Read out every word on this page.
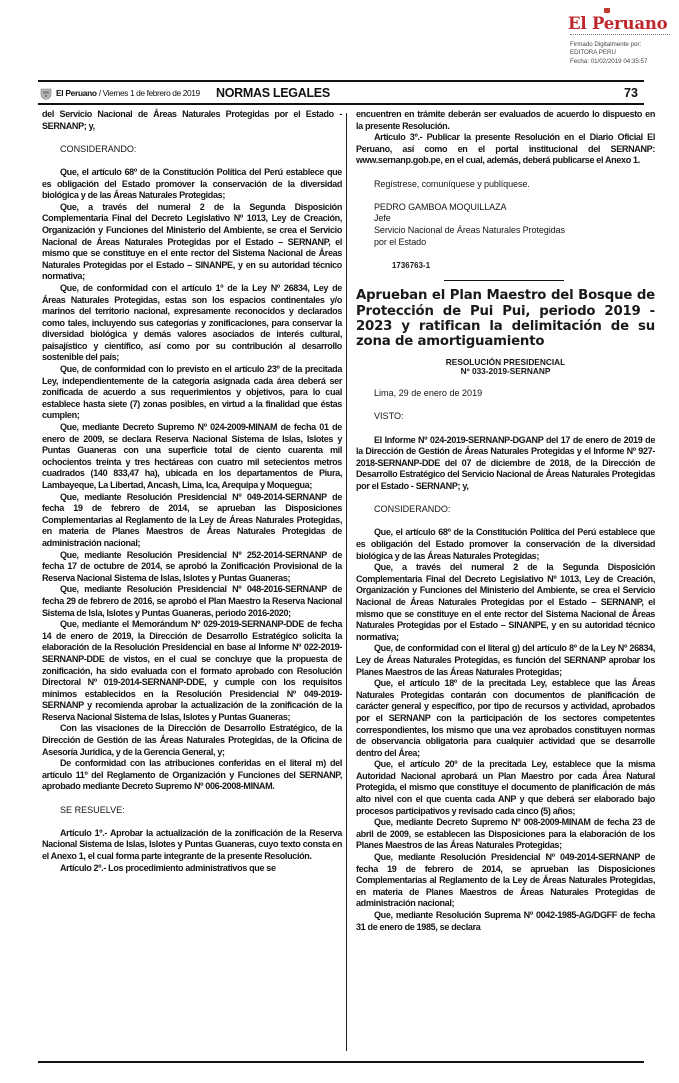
El Peruano
Firmado Digitalmente por:
EDITORA PERU
Fecha: 01/02/2019 04:35:57
El Peruano / Viernes 1 de febrero de 2019 NORMAS LEGALES	73

del Servicio Nacional de Áreas Naturales Protegidas por el Estado - SERNANP; y,

CONSIDERANDO:

Que, el artículo 68º de la Constitución Política del Perú establece que es obligación del Estado promover la conservación de la diversidad biológica y de las Áreas Naturales Protegidas;

Que, a través del numeral 2 de la Segunda Disposición Complementaria Final del Decreto Legislativo Nº 1013, Ley de Creación, Organización y Funciones del Ministerio del Ambiente, se crea el Servicio Nacional de Áreas Naturales Protegidas por el Estado – SERNANP, el mismo que se constituye en el ente rector del Sistema Nacional de Áreas Naturales Protegidas por el Estado – SINANPE, y en su autoridad técnico normativa;

Que, de conformidad con el artículo 1º de la Ley Nº 26834, Ley de Áreas Naturales Protegidas, estas son los espacios continentales y/o marinos del territorio nacional, expresamente reconocidos y declarados como tales, incluyendo sus categorías y zonificaciones, para conservar la diversidad biológica y demás valores asociados de interés cultural, paisajístico y científico, así como por su contribución al desarrollo sostenible del país;

Que, de conformidad con lo previsto en el artículo 23º de la precitada Ley, independientemente de la categoría asignada cada área deberá ser zonificada de acuerdo a sus requerimientos y objetivos, para lo cual establece hasta siete (7) zonas posibles, en virtud a la finalidad que éstas cumplen;

Que, mediante Decreto Supremo Nº 024-2009-MINAM de fecha 01 de enero de 2009, se declara Reserva Nacional Sistema de Islas, Islotes y Puntas Guaneras con una superficie total de ciento cuarenta mil ochocientos treinta y tres hectáreas con cuatro mil setecientos metros cuadrados (140 833,47 ha), ubicada en los departamentos de Piura, Lambayeque, La Libertad, Ancash, Lima, Ica, Arequipa y Moquegua;

Que, mediante Resolución Presidencial Nº 049-2014-SERNANP de fecha 19 de febrero de 2014, se aprueban las Disposiciones Complementarias al Reglamento de la Ley de Áreas Naturales Protegidas, en materia de Planes Maestros de Áreas Naturales Protegidas de administración nacional;

Que, mediante Resolución Presidencial Nº 252-2014-SERNANP de fecha 17 de octubre de 2014, se aprobó la Zonificación Provisional de la Reserva Nacional Sistema de Islas, Islotes y Puntas Guaneras;

Que, mediante Resolución Presidencial Nº 048-2016-SERNANP de fecha 29 de febrero de 2016, se aprobó el Plan Maestro la Reserva Nacional Sistema de Isla, Islotes y Puntas Guaneras, periodo 2016-2020;

Que, mediante el Memorándum Nº 029-2019-SERNANP-DDE de fecha 14 de enero de 2019, la Dirección de Desarrollo Estratégico solicita la elaboración de la Resolución Presidencial en base al Informe Nº 022-2019-SERNANP-DDE de vistos, en el cual se concluye que la propuesta de zonificación, ha sido evaluada con el formato aprobado con Resolución Directoral Nº 019-2014-SERNANP-DDE, y cumple con los requisitos mínimos establecidos en la Resolución Presidencial Nº 049-2019-SERNANP y recomienda aprobar la actualización de la zonificación de la Reserva Nacional Sistema de Islas, Islotes y Puntas Guaneras;

Con las visaciones de la Dirección de Desarrollo Estratégico, de la Dirección de Gestión de las Áreas Naturales Protegidas, de la Oficina de Asesoría Jurídica, y de la Gerencia General, y;

De conformidad con las atribuciones conferidas en el literal m) del artículo 11º del Reglamento de Organización y Funciones del SERNANP, aprobado mediante Decreto Supremo Nº 006-2008-MINAM.

SE RESUELVE:

Artículo 1º.- Aprobar la actualización de la zonificación de la Reserva Nacional Sistema de Islas, Islotes y Puntas Guaneras, cuyo texto consta en el Anexo 1, el cual forma parte integrante de la presente Resolución.

Artículo 2º.- Los procedimiento administrativos que se

encuentren en trámite deberán ser evaluados de acuerdo lo dispuesto en la presente Resolución.

Artículo 3º.- Publicar la presente Resolución en el Diario Oficial El Peruano, así como en el portal institucional del SERNANP: www.sernanp.gob.pe, en el cual, además, deberá publicarse el Anexo 1.

Regístrese, comuníquese y publíquese.

PEDRO GAMBOA MOQUILLAZA

Jefe

Servicio Nacional de Áreas Naturales Protegidas

por el Estado

1736763-1

Aprueban el Plan Maestro del Bosque de Protección de Pui Pui, periodo 2019 - 2023 y ratifican la delimitación de su zona de amortiguamiento
RESOLUCIÓN PRESIDENCIAL
Nº 033-2019-SERNANP

Lima, 29 de enero de 2019

VISTO:

El Informe Nº 024-2019-SERNANP-DGANP del 17 de enero de 2019 de la Dirección de Gestión de Áreas Naturales Protegidas y el Informe Nº 927-2018-SERNANP-DDE del 07 de diciembre de 2018, de la Dirección de Desarrollo Estratégico del Servicio Nacional de Áreas Naturales Protegidas por el Estado - SERNANP; y,

CONSIDERANDO:

Que, el artículo 68º de la Constitución Política del Perú establece que es obligación del Estado promover la conservación de la diversidad biológica y de las Áreas Naturales Protegidas;

Que, a través del numeral 2 de la Segunda Disposición Complementaria Final del Decreto Legislativo Nº 1013, Ley de Creación, Organización y Funciones del Ministerio del Ambiente, se crea el Servicio Nacional de Áreas Naturales Protegidas por el Estado – SERNANP, el mismo que se constituye en el ente rector del Sistema Nacional de Áreas Naturales Protegidas por el Estado – SINANPE, y en su autoridad técnico normativa;

Que, de conformidad con el literal g) del artículo 8º de la Ley Nº 26834, Ley de Áreas Naturales Protegidas, es función del SERNANP aprobar los Planes Maestros de las Áreas Naturales Protegidas;

Que, el artículo 18º de la precitada Ley, establece que las Áreas Naturales Protegidas contarán con documentos de planificación de carácter general y específico, por tipo de recursos y actividad, aprobados por el SERNANP con la participación de los sectores competentes correspondientes, los mismo que una vez aprobados constituyen normas de observancia obligatoria para cualquier actividad que se desarrolle dentro del Área;

Que, el artículo 20º de la precitada Ley, establece que la misma Autoridad Nacional aprobará un Plan Maestro por cada Área Natural Protegida, el mismo que constituye el documento de planificación de más alto nivel con el que cuenta cada ANP y que deberá ser elaborado bajo procesos participativos y revisado cada cinco (5) años;

Que, mediante Decreto Supremo Nº 008-2009-MINAM de fecha 23 de abril de 2009, se establecen las Disposiciones para la elaboración de los Planes Maestros de las Áreas Naturales Protegidas;

Que, mediante Resolución Presidencial Nº 049-2014-SERNANP de fecha 19 de febrero de 2014, se aprueban las Disposiciones Complementarias al Reglamento de la Ley de Áreas Naturales Protegidas, en materia de Planes Maestros de Áreas Naturales Protegidas de administración nacional;

Que, mediante Resolución Suprema Nº 0042-1985-AG/DGFF de fecha 31 de enero de 1985, se declara
